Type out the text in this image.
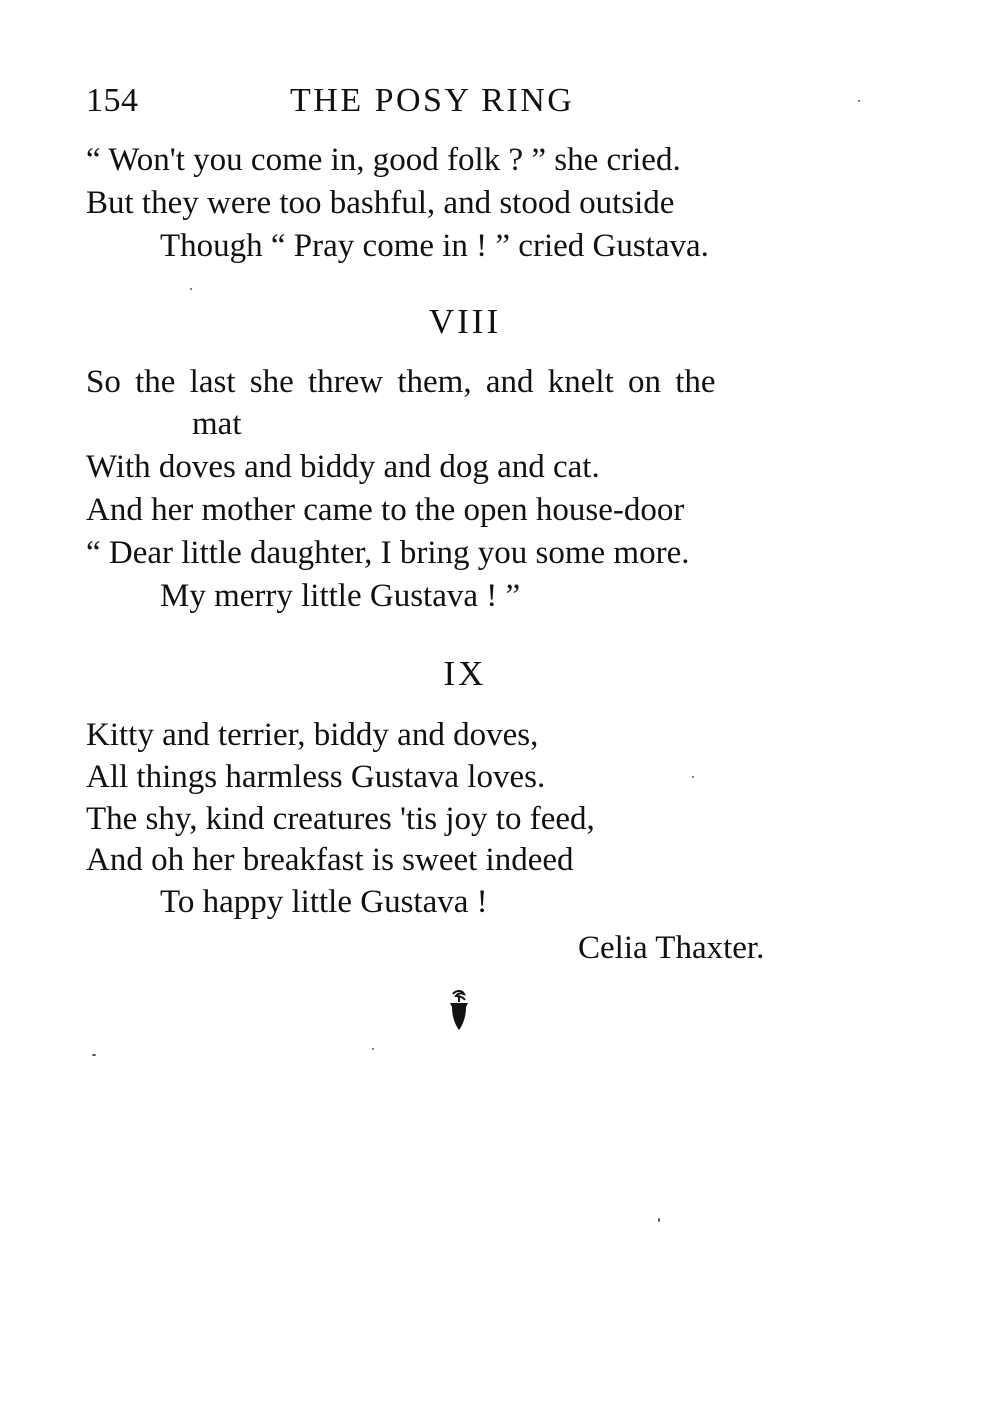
154	THE POSY RING
“ Won't you come in, good folk ? ” she cried.
But they were too bashful, and stood outside
Though “ Pray come in ! ” cried Gustava.
VIII
So the last she threw them, and knelt on the
mat
With doves and biddy and dog and cat.
And her mother came to the open house-door
“ Dear little daughter, I bring you some more.
My merry little Gustava ! ”
IX
Kitty and terrier, biddy and doves,
All things harmless Gustava loves.
The shy, kind creatures 'tis joy to feed,
And oh her breakfast is sweet indeed
To happy little Gustava !
Celia Thaxter.
